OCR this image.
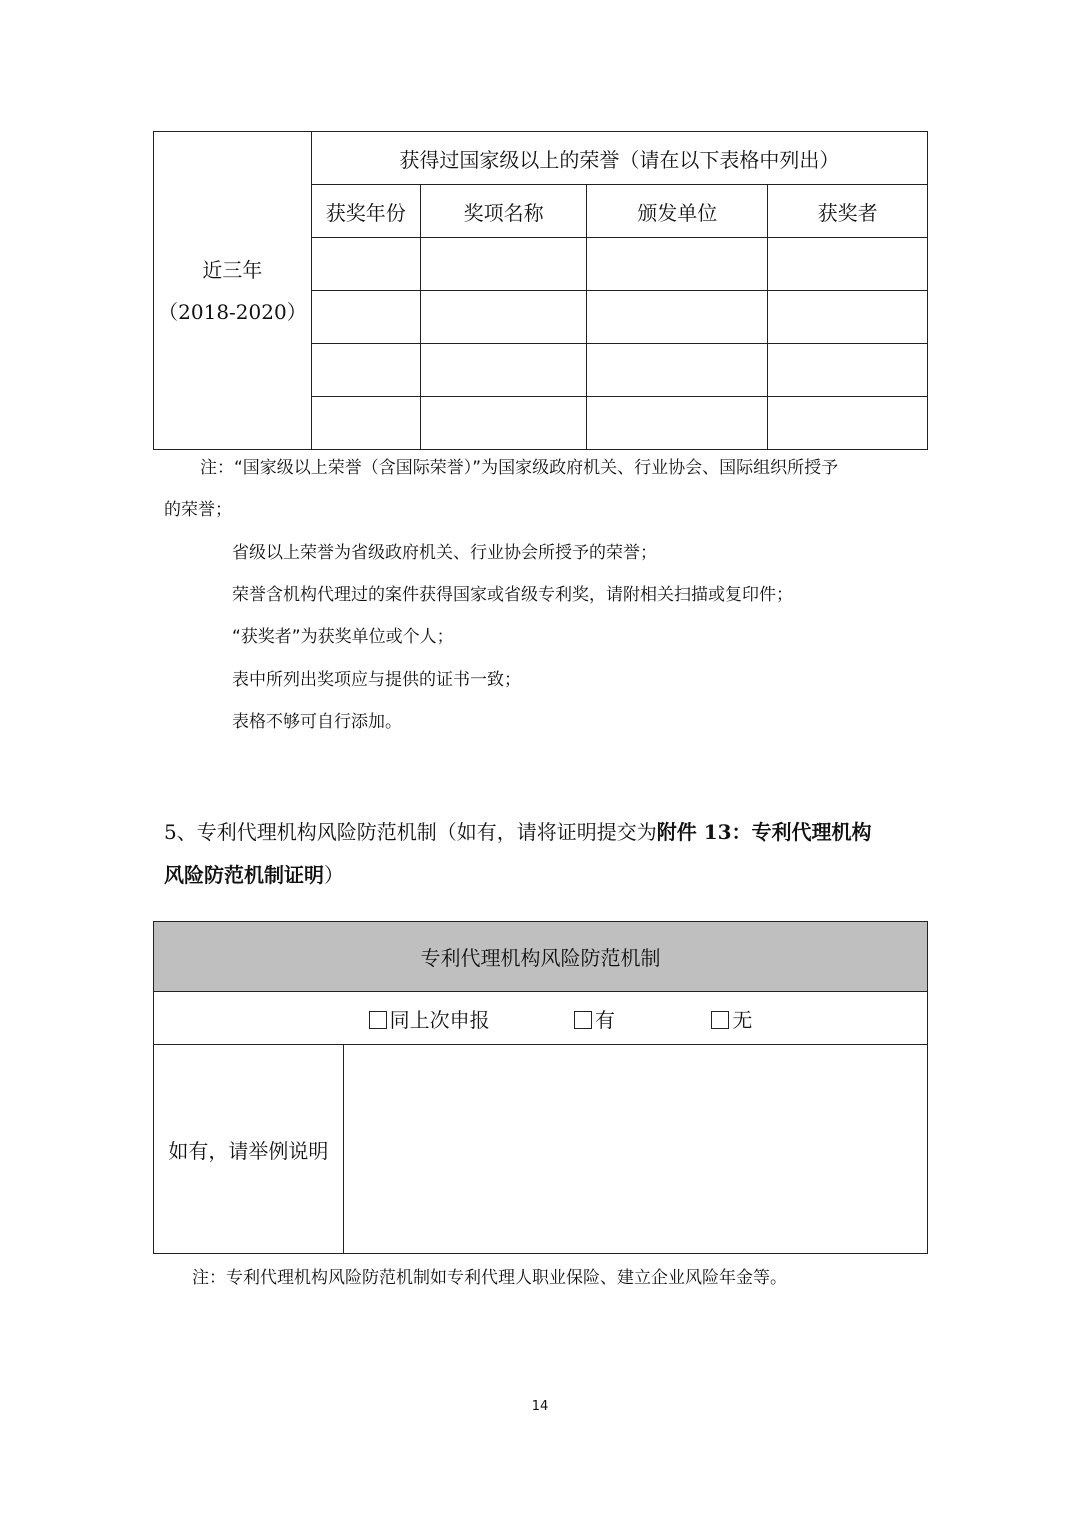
近三年
（2018-2020）	获得过国家级以上的荣誉（请在以下表格中列出）			
	获奖年份	奖项名称	颁发单位	获奖者

注：“国家级以上荣誉（含国际荣誉）”为国家级政府机关、行业协会、国际组织所授予
的荣誉；
省级以上荣誉为省级政府机关、行业协会所授予的荣誉；
荣誉含机构代理过的案件获得国家或省级专利奖，请附相关扫描或复印件；
“获奖者”为获奖单位或个人；
表中所列出奖项应与提供的证书一致；
表格不够可自行添加。
5、专利代理机构风险防范机制（如有，请将证明提交为附件 13：专利代理机构
风险防范机制证明）
专利代理机构风险防范机制
同上次申报	有	无
如有，请举例说明	
注：专利代理机构风险防范机制如专利代理人职业保险、建立企业风险年金等。
14
